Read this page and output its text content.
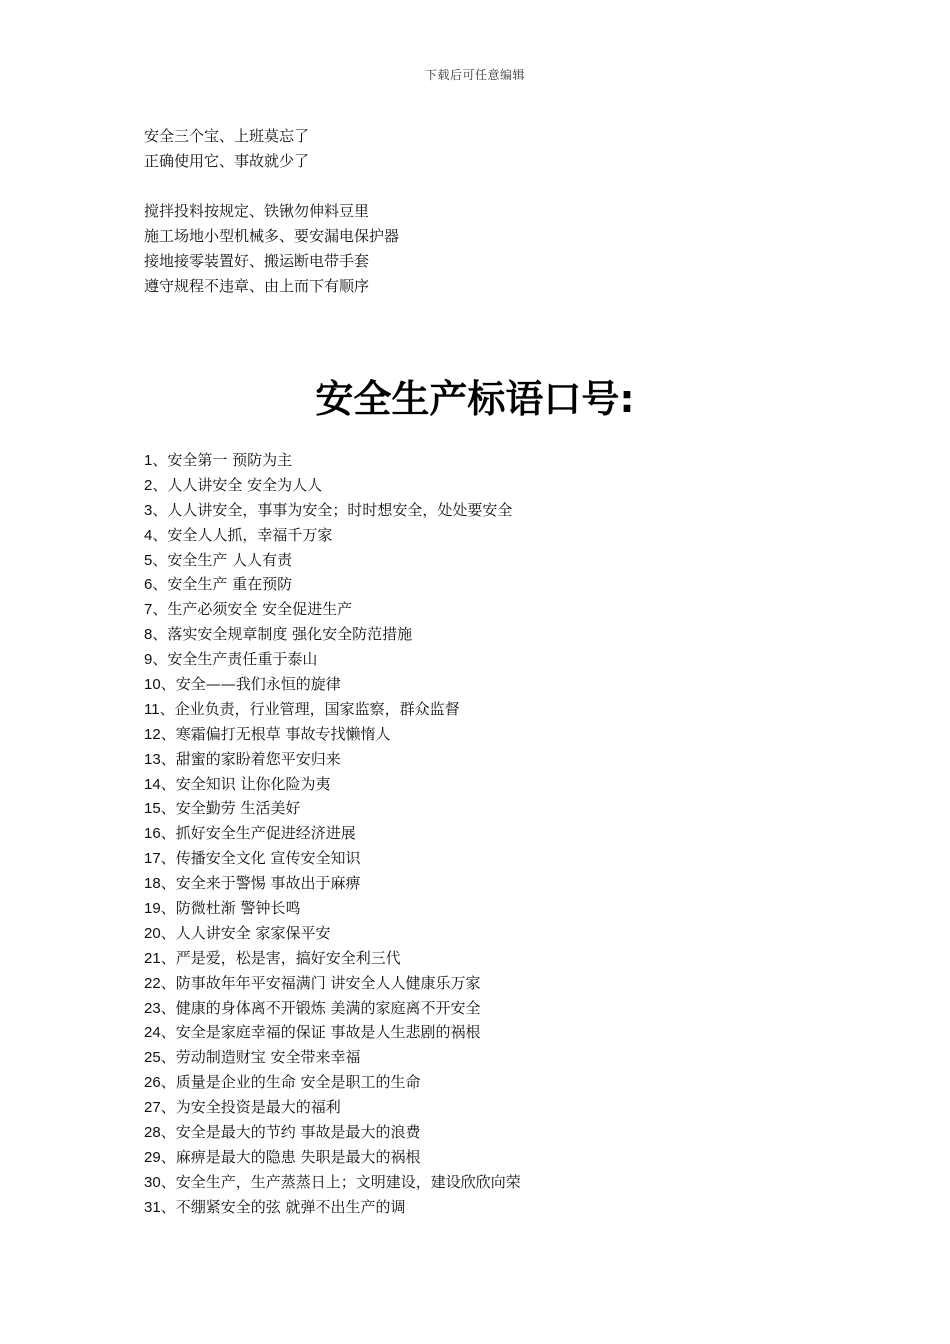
下载后可任意编辑
安全三个宝、上班莫忘了
正确使用它、事故就少了
搅拌投料按规定、铁锹勿伸料豆里
施工场地小型机械多、要安漏电保护器
接地接零装置好、搬运断电带手套
遵守规程不违章、由上而下有顺序
安全生产标语口号:
1、安全第一 预防为主
2、人人讲安全 安全为人人
3、人人讲安全，事事为安全；时时想安全，处处要安全
4、安全人人抓，幸福千万家
5、安全生产 人人有责
6、安全生产 重在预防
7、生产必须安全 安全促进生产
8、落实安全规章制度 强化安全防范措施
9、安全生产责任重于泰山
10、安全——我们永恒的旋律
11、企业负责，行业管理，国家监察，群众监督
12、寒霜偏打无根草 事故专找懒惰人
13、甜蜜的家盼着您平安归来
14、安全知识 让你化险为夷
15、安全勤劳 生活美好
16、抓好安全生产促进经济进展
17、传播安全文化 宣传安全知识
18、安全来于警惕 事故出于麻痹
19、防微杜渐 警钟长鸣
20、人人讲安全 家家保平安
21、严是爱，松是害，搞好安全利三代
22、防事故年年平安福满门 讲安全人人健康乐万家
23、健康的身体离不开锻炼 美满的家庭离不开安全
24、安全是家庭幸福的保证 事故是人生悲剧的祸根
25、劳动制造财宝 安全带来幸福
26、质量是企业的生命 安全是职工的生命
27、为安全投资是最大的福利
28、安全是最大的节约 事故是最大的浪费
29、麻痹是最大的隐患 失职是最大的祸根
30、安全生产，生产蒸蒸日上；文明建设，建设欣欣向荣
31、不绷紧安全的弦 就弹不出生产的调
